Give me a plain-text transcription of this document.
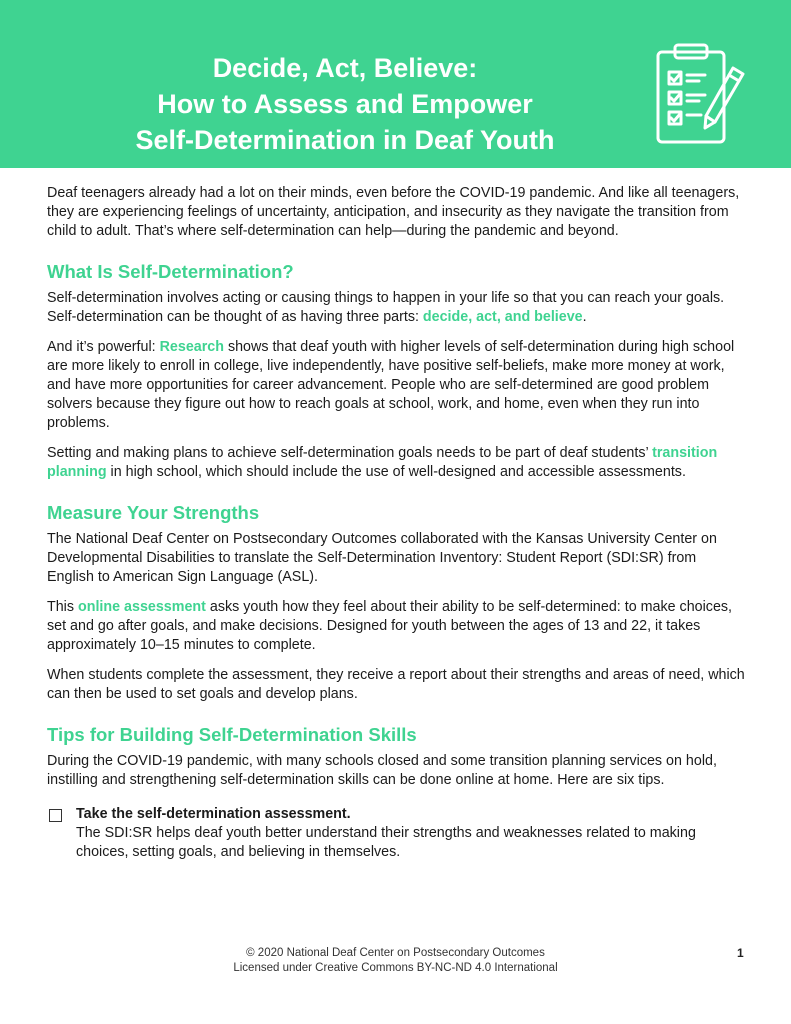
Decide, Act, Believe:
How to Assess and Empower
Self-Determination in Deaf Youth

Deaf teenagers already had a lot on their minds, even before the COVID-19 pandemic. And like all teenagers, they are experiencing feelings of uncertainty, anticipation, and insecurity as they navigate the transition from child to adult. That’s where self-determination can help—during the pandemic and beyond.

What Is Self-Determination?

Self-determination involves acting or causing things to happen in your life so that you can reach your goals. Self-determination can be thought of as having three parts: decide, act, and believe.

And it’s powerful: Research shows that deaf youth with higher levels of self-determination during high school are more likely to enroll in college, live independently, have positive self-beliefs, make more money at work, and have more opportunities for career advancement. People who are self-determined are good problem solvers because they figure out how to reach goals at school, work, and home, even when they run into problems.

Setting and making plans to achieve self-determination goals needs to be part of deaf students’ transition planning in high school, which should include the use of well-designed and accessible assessments.

Measure Your Strengths

The National Deaf Center on Postsecondary Outcomes collaborated with the Kansas University Center on Developmental Disabilities to translate the Self-Determination Inventory: Student Report (SDI:SR) from English to American Sign Language (ASL).

This online assessment asks youth how they feel about their ability to be self-determined: to make choices, set and go after goals, and make decisions. Designed for youth between the ages of 13 and 22, it takes approximately 10–15 minutes to complete.

When students complete the assessment, they receive a report about their strengths and areas of need, which can then be used to set goals and develop plans.

Tips for Building Self-Determination Skills

During the COVID-19 pandemic, with many schools closed and some transition planning services on hold, instilling and strengthening self-determination skills can be done online at home. Here are six tips.

Take the self-determination assessment.

The SDI:SR helps deaf youth better understand their strengths and weaknesses related to making choices, setting goals, and believing in themselves.

© 2020 National Deaf Center on Postsecondary Outcomes
Licensed under Creative Commons BY-NC-ND 4.0 International
1
